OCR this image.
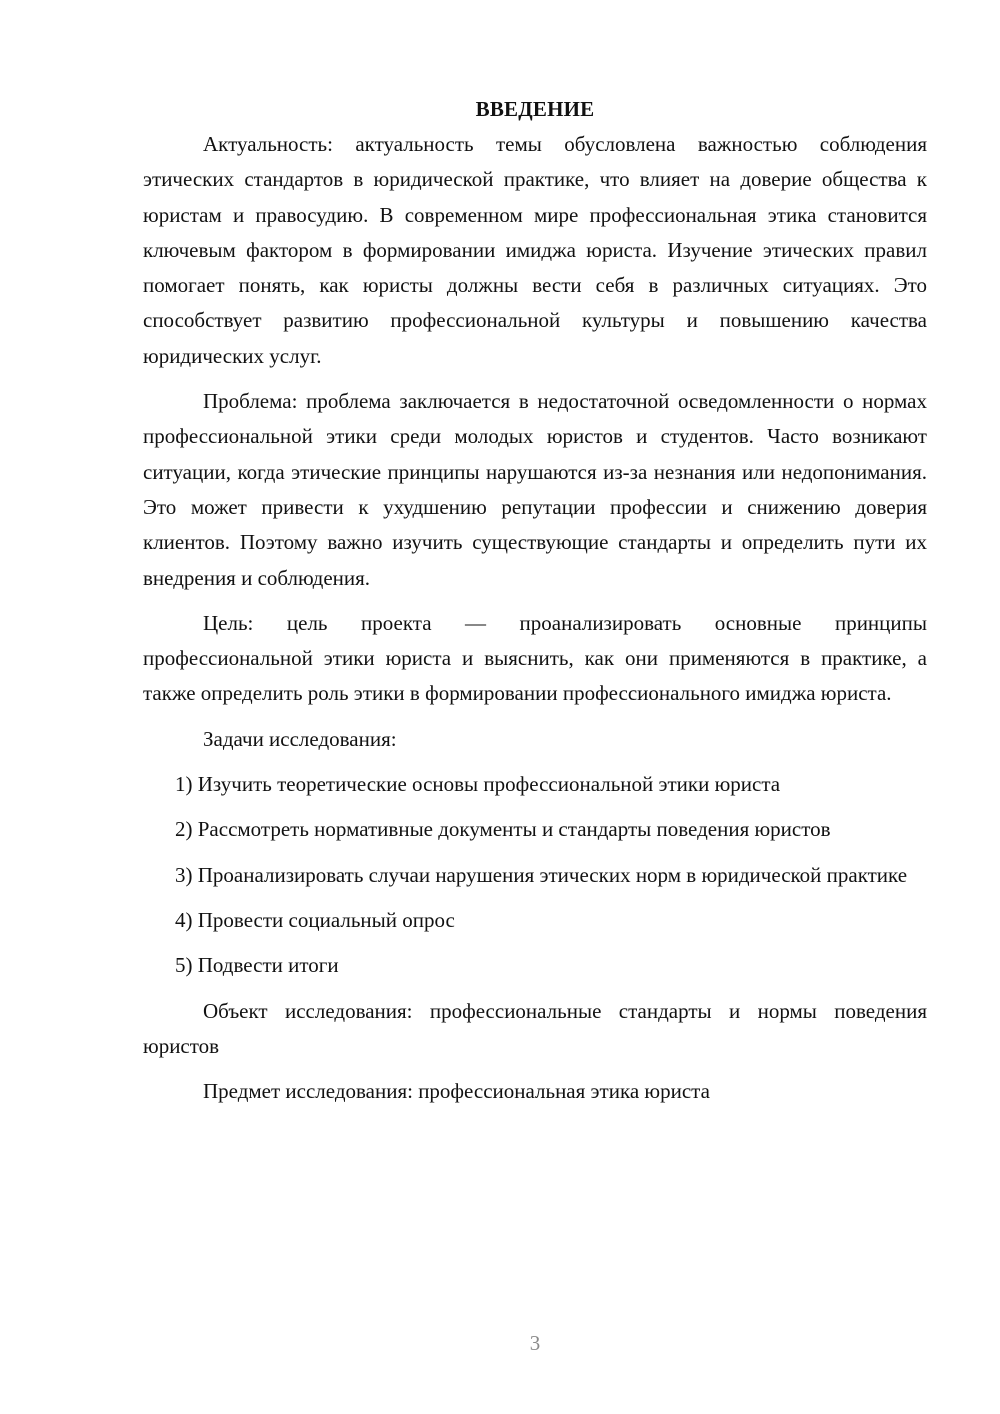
ВВЕДЕНИЕ

Актуальность: актуальность темы обусловлена важностью соблюдения этических стандартов в юридической практике, что влияет на доверие общества к юристам и правосудию. В современном мире профессиональная этика становится ключевым фактором в формировании имиджа юриста. Изучение этических правил помогает понять, как юристы должны вести себя в различных ситуациях. Это способствует развитию профессиональной культуры и повышению качества юридических услуг.

Проблема: проблема заключается в недостаточной осведомленности о нормах профессиональной этики среди молодых юристов и студентов. Часто возникают ситуации, когда этические принципы нарушаются из-за незнания или недопонимания. Это может привести к ухудшению репутации профессии и снижению доверия клиентов. Поэтому важно изучить существующие стандарты и определить пути их внедрения и соблюдения.

Цель: цель проекта — проанализировать основные принципы профессиональной этики юриста и выяснить, как они применяются в практике, а также определить роль этики в формировании профессионального имиджа юриста.

Задачи исследования:

1) Изучить теоретические основы профессиональной этики юриста

2) Рассмотреть нормативные документы и стандарты поведения юристов

3) Проанализировать случаи нарушения этических норм в юридической практике

4) Провести социальный опрос

5) Подвести итоги

Объект исследования: профессиональные стандарты и нормы поведения юристов

Предмет исследования: профессиональная этика юриста

3
